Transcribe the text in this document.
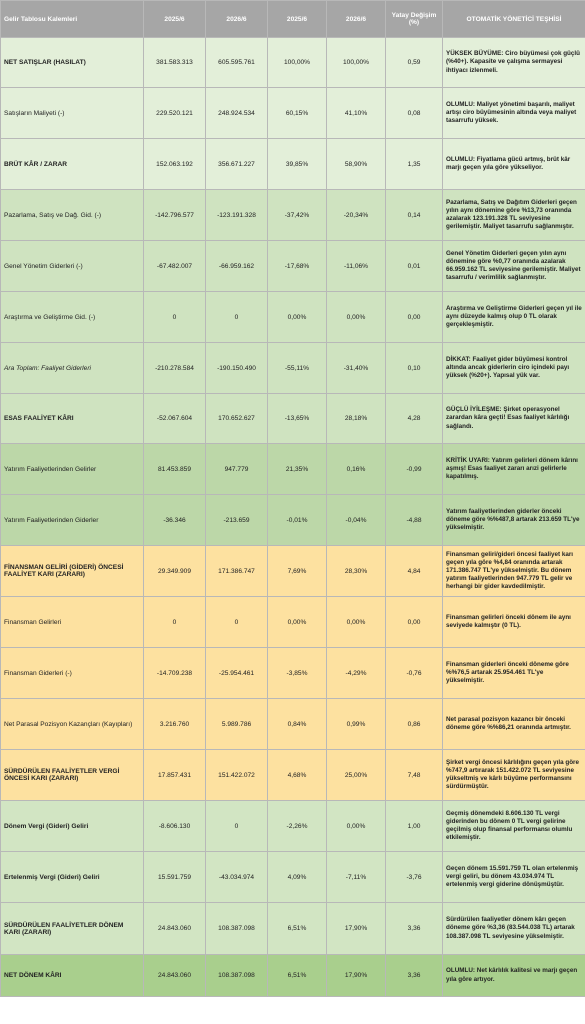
Gelir Tablosu Kalemleri	2025/6	2026/6	2025/6	2026/6	Yatay Değişim (%)	OTOMATİK YÖNETİCİ TEŞHİSİ
NET SATIŞLAR (HASILAT)	381.583.313	605.595.761	100,00%	100,00%	0,59	YÜKSEK BÜYÜME: Ciro büyümesi çok güçlü (%40+). Kapasite ve çalışma sermayesi ihtiyacı izlenmeli.
Satışların Maliyeti (-)	229.520.121	248.924.534	60,15%	41,10%	0,08	OLUMLU: Maliyet yönetimi başarılı, maliyet artışı ciro büyümesinin altında veya maliyet tasarrufu yüksek.
BRÜT KÂR / ZARAR	152.063.192	356.671.227	39,85%	58,90%	1,35	OLUMLU: Fiyatlama gücü artmış, brüt kâr marjı geçen yıla göre yükseliyor.
Pazarlama, Satış ve Dağ. Gid. (-)	-142.796.577	-123.191.328	-37,42%	-20,34%	0,14	Pazarlama, Satış ve Dağıtım Giderleri geçen yılın aynı dönemine göre %13,73 oranında azalarak 123.191.328 TL seviyesine gerilemiştir. Maliyet tasarrufu sağlanmıştır.
Genel Yönetim Giderleri (-)	-67.482.007	-66.959.162	-17,68%	-11,06%	0,01	Genel Yönetim Giderleri geçen yılın aynı dönemine göre %0,77 oranında azalarak 66.959.162 TL seviyesine gerilemiştir. Maliyet tasarrufu / verimlilik sağlanmıştır.
Araştırma ve Geliştirme Gid. (-)	0	0	0,00%	0,00%	0,00	Araştırma ve Geliştirme Giderleri geçen yıl ile aynı düzeyde kalmış olup 0 TL olarak gerçekleşmiştir.
Ara Toplam: Faaliyet Giderleri	-210.278.584	-190.150.490	-55,11%	-31,40%	0,10	DİKKAT: Faaliyet gider büyümesi kontrol altında ancak giderlerin ciro içindeki payı yüksek (%20+). Yapısal yük var.
ESAS FAALİYET KÂRI	-52.067.604	170.652.627	-13,65%	28,18%	4,28	GÜÇLÜ İYİLEŞME: Şirket operasyonel zarardan kâra geçti! Esas faaliyet kârlılığı sağlandı.
Yatırım Faaliyetlerinden Gelirler	81.453.859	947.779	21,35%	0,16%	-0,99	KRİTİK UYARI: Yatırım gelirleri dönem kârını aşmış! Esas faaliyet zararı arızi gelirlerle kapatılmış.
Yatırım Faaliyetlerinden Giderler	-36.346	-213.659	-0,01%	-0,04%	-4,88	Yatırım faaliyetlerinden giderler önceki döneme göre %%487,8 artarak 213.659 TL'ye yükselmiştir.
FİNANSMAN GELİRİ (GİDERİ) ÖNCESİ FAALİYET KARI (ZARARI)	29.349.909	171.386.747	7,69%	28,30%	4,84	Finansman geliri/gideri öncesi faaliyet karı geçen yıla göre %4,84 oranında artarak 171.386.747 TL'ye yükselmiştir. Bu dönem yatırım faaliyetlerinden 947.779 TL gelir ve herhangi bir gider kavdedilmiştir.
Finansman Gelirleri	0	0	0,00%	0,00%	0,00	Finansman gelirleri önceki dönem ile aynı seviyede kalmıştır (0 TL).
Finansman Giderleri (-)	-14.709.238	-25.954.461	-3,85%	-4,29%	-0,76	Finansman giderleri önceki döneme göre %%76,5 artarak 25.954.461 TL'ye yükselmiştir.
Net Parasal Pozisyon Kazançları (Kayıpları)	3.216.760	5.989.786	0,84%	0,99%	0,86	Net parasal pozisyon kazancı bir önceki döneme göre %%86,21 oranında artmıştır.
SÜRDÜRÜLEN FAALİYETLER VERGİ ÖNCESİ KARI (ZARARI)	17.857.431	151.422.072	4,68%	25,00%	7,48	Şirket vergi öncesi kârlılığını geçen yıla göre %747,9 artırarak 151.422.072 TL seviyesine yükseltmiş ve kârlı büyüme performansını sürdürmüştür.
Dönem Vergi (Gideri) Geliri	-8.606.130	0	-2,26%	0,00%	1,00	Geçmiş dönemdeki 8.606.130 TL vergi giderinden bu dönem 0 TL vergi gelirine geçilmiş olup finansal performansı olumlu etkilemiştir.
Ertelenmiş Vergi (Gideri) Geliri	15.591.759	-43.034.974	4,09%	-7,11%	-3,76	Geçen dönem 15.591.759 TL olan ertelenmiş vergi geliri, bu dönem 43.034.974 TL ertelenmiş vergi giderine dönüşmüştür.
SÜRDÜRÜLEN FAALİYETLER DÖNEM KARI (ZARARI)	24.843.060	108.387.098	6,51%	17,90%	3,36	Sürdürülen faaliyetler dönem kârı geçen döneme göre %3,36 (83.544.038 TL) artarak 108.387.098 TL seviyesine yükselmiştir.
NET DÖNEM KÂRI	24.843.060	108.387.098	6,51%	17,90%	3,36	OLUMLU: Net kârlılık kalitesi ve marjı geçen yıla göre artıyor.
